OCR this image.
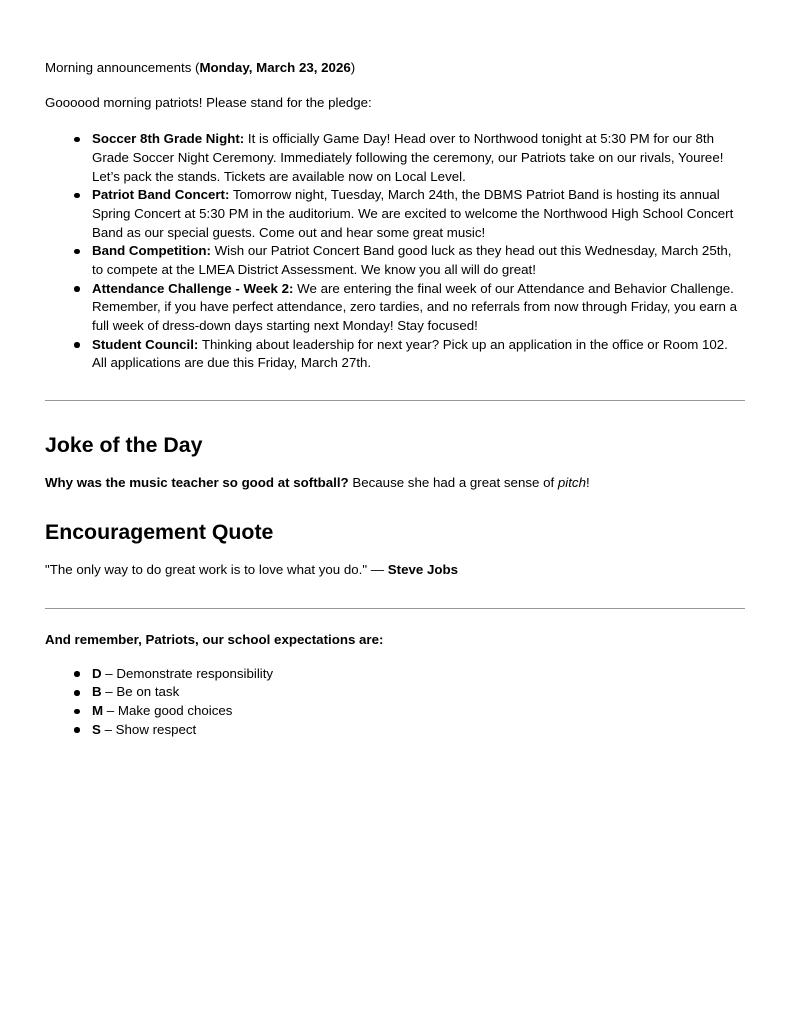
Morning announcements (Monday, March 23, 2026)

Goooood morning patriots! Please stand for the pledge:

Soccer 8th Grade Night: It is officially Game Day! Head over to Northwood tonight at 5:30 PM for our 8th Grade Soccer Night Ceremony. Immediately following the ceremony, our Patriots take on our rivals, Youree! Let’s pack the stands. Tickets are available now on Local Level.
Patriot Band Concert: Tomorrow night, Tuesday, March 24th, the DBMS Patriot Band is hosting its annual Spring Concert at 5:30 PM in the auditorium. We are excited to welcome the Northwood High School Concert Band as our special guests. Come out and hear some great music!
Band Competition: Wish our Patriot Concert Band good luck as they head out this Wednesday, March 25th, to compete at the LMEA District Assessment. We know you all will do great!
Attendance Challenge - Week 2: We are entering the final week of our Attendance and Behavior Challenge. Remember, if you have perfect attendance, zero tardies, and no referrals from now through Friday, you earn a full week of dress-down days starting next Monday! Stay focused!
Student Council: Thinking about leadership for next year? Pick up an application in the office or Room 102. All applications are due this Friday, March 27th.
Joke of the Day

Why was the music teacher so good at softball? Because she had a great sense of pitch!

Encouragement Quote

"The only way to do great work is to love what you do." — Steve Jobs

And remember, Patriots, our school expectations are:

D – Demonstrate responsibility
B – Be on task
M – Make good choices
S – Show respect
